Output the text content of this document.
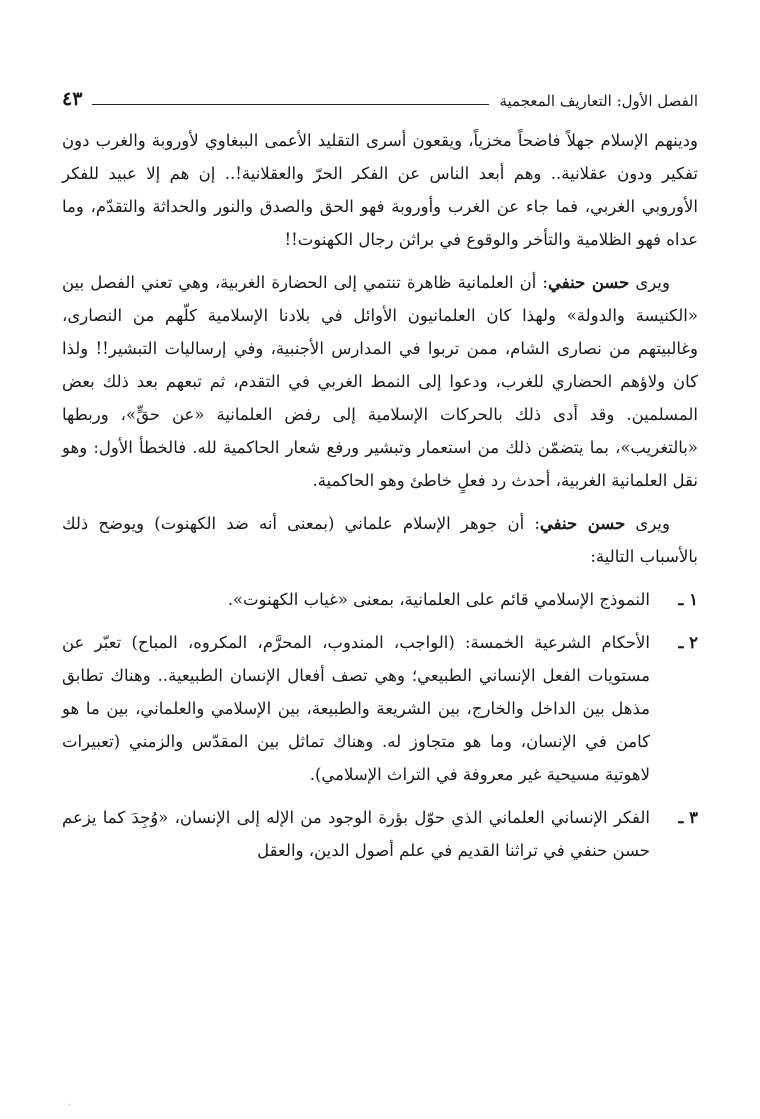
الفصل الأول: التعاريف المعجمية
٤٣

ودينهم الإسلام جهلاً فاضحاً مخزياً، ويقعون أسرى التقليد الأعمى الببغاوي لأوروبة والغرب دون تفكير ودون عقلانية.. وهم أبعد الناس عن الفكر الحرّ والعقلانية!.. إن هم إلا عبيد للفكر الأوروبي الغربي، فما جاء عن الغرب وأوروبة فهو الحق والصدق والنور والحداثة والتقدّم، وما عداه فهو الظلامية والتأخر والوقوع في براثن رجال الكهنوت!!

ويرى حسن حنفي: أن العلمانية ظاهرة تنتمي إلى الحضارة الغربية، وهي تعني الفصل بين «الكنيسة والدولة» ولهذا كان العلمانيون الأوائل في بلادنا الإسلامية كلّهم من النصارى، وغالبيتهم من نصارى الشام، ممن تربوا في المدارس الأجنبية، وفي إرساليات التبشير!! ولذا كان ولاؤهم الحضاري للغرب، ودعوا إلى النمط الغربي في التقدم، ثم تبعهم بعد ذلك بعض المسلمين. وقد أدى ذلك بالحركات الإسلامية إلى رفض العلمانية «عن حقٍّ»، وربطها «بالتغريب»، بما يتضمّن ذلك من استعمار وتبشير ورفع شعار الحاكمية لله. فالخطأ الأول: وهو نقل العلمانية الغربية، أحدث رد فعلٍ خاطئ وهو الحاكمية.

ويرى حسن حنفي: أن جوهر الإسلام علماني (بمعنى أنه ضد الكهنوت) ويوضح ذلك بالأسباب التالية:

١ ـ
النموذج الإسلامي قائم على العلمانية، بمعنى «غياب الكهنوت».
٢ ـ
الأحكام الشرعية الخمسة: (الواجب، المندوب، المحرَّم، المكروه، المباح) تعبّر عن مستويات الفعل الإنساني الطبيعي؛ وهي تصف أفعال الإنسان الطبيعية.. وهناك تطابق مذهل بين الداخل والخارج، بين الشريعة والطبيعة، بين الإسلامي والعلماني، بين ما هو كامن في الإنسان، وما هو متجاوز له. وهناك تماثل بين المقدّس والزمني (تعبيرات لاهوتية مسيحية غير معروفة في التراث الإسلامي).
٣ ـ
الفكر الإنساني العلماني الذي حوّل بؤرة الوجود من الإله إلى الإنسان، «وُجِدَ كما يزعم حسن حنفي في تراثنا القديم في علم أصول الدين، والعقل
·
